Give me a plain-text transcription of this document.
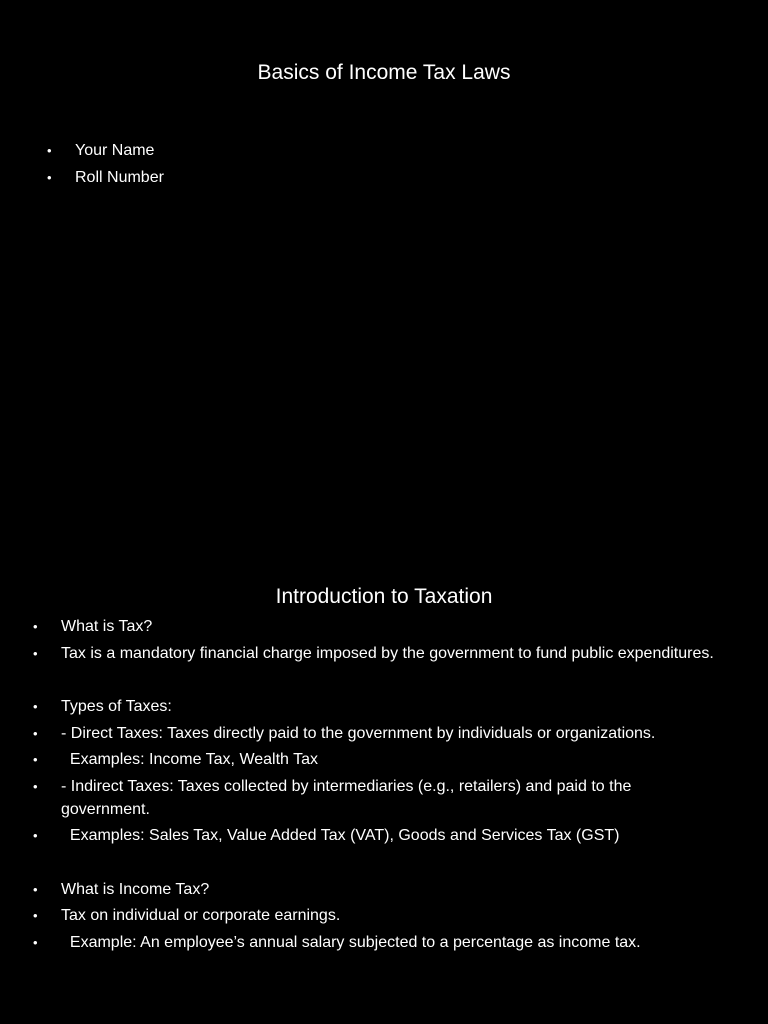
Basics of Income Tax Laws
• Your Name
• Roll Number
Introduction to Taxation
• What is Tax?
• Tax is a mandatory financial charge imposed by the government to fund public expenditures.
• Types of Taxes:
• - Direct Taxes: Taxes directly paid to the government by individuals or organizations.
• Examples: Income Tax, Wealth Tax
• - Indirect Taxes: Taxes collected by intermediaries (e.g., retailers) and paid to the government.
• Examples: Sales Tax, Value Added Tax (VAT), Goods and Services Tax (GST)
• What is Income Tax?
• Tax on individual or corporate earnings.
• Example: An employee’s annual salary subjected to a percentage as income tax.
